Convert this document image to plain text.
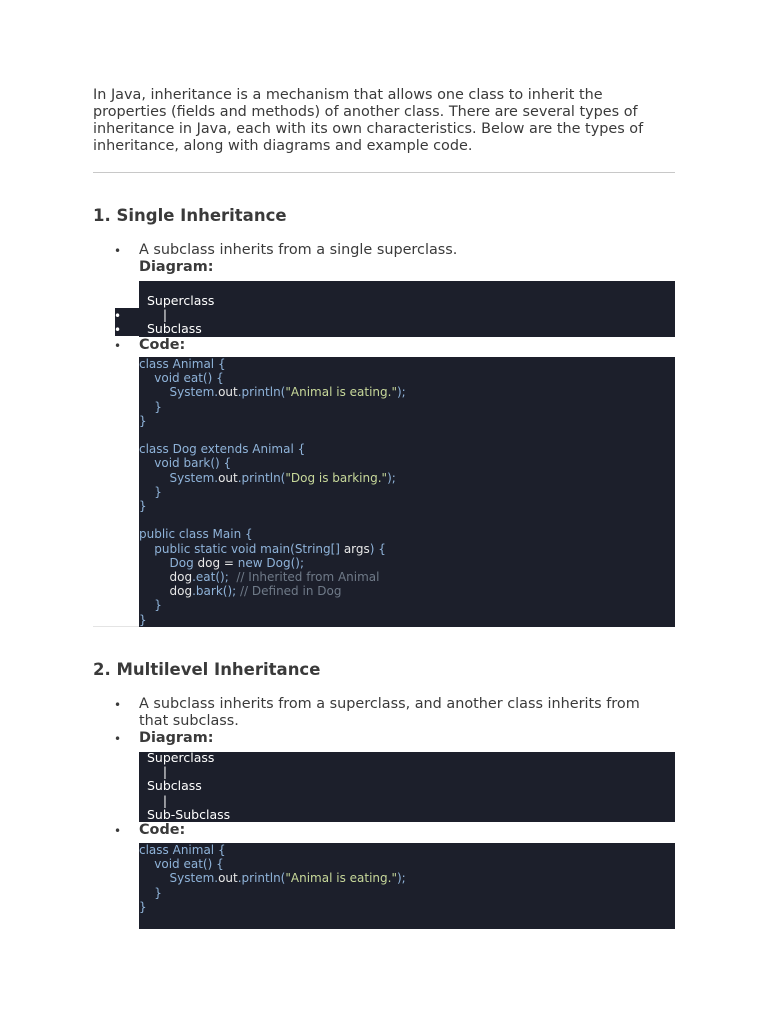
In Java, inheritance is a mechanism that allows one class to inherit the properties (fields and methods) of another class. There are several types of inheritance in Java, each with its own characteristics. Below are the types of inheritance, along with diagrams and example code.

1. Single Inheritance
• A subclass inherits from a single superclass.

Diagram:
Superclass
|
Subclass
•
•
• Code:
class Animal {
void eat() {
System.out.println("Animal is eating.");
}
}

class Dog extends Animal {
void bark() {
System.out.println("Dog is barking.");
}
}

public class Main {
public static void main(String[] args) {
Dog dog = new Dog();
dog.eat();  // Inherited from Animal
dog.bark(); // Defined in Dog
}
}
2. Multilevel Inheritance
• A subclass inherits from a superclass, and another class inherits from that subclass.

• Diagram:
Superclass
|
Subclass
|
Sub-Subclass
• Code:
class Animal {
void eat() {
System.out.println("Animal is eating.");
}
}
